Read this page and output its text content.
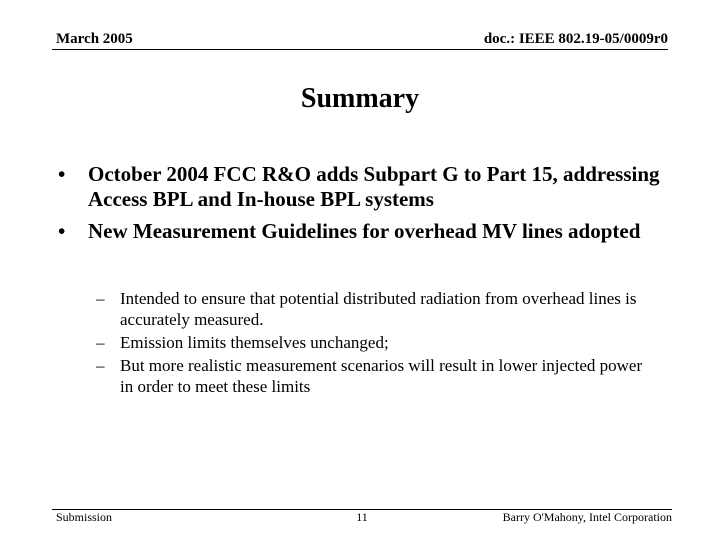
March 2005	doc.: IEEE 802.19-05/0009r0
Summary
•	October 2004 FCC R&O adds Subpart G to Part 15, addressing Access BPL and In-house BPL systems
•	New Measurement Guidelines for overhead MV lines adopted
– Intended to ensure that potential distributed radiation from overhead lines is accurately measured.
– Emission limits themselves unchanged;
– But more realistic measurement scenarios will result in lower injected power in order to meet these limits
Submission	11	Barry O'Mahony, Intel Corporation
